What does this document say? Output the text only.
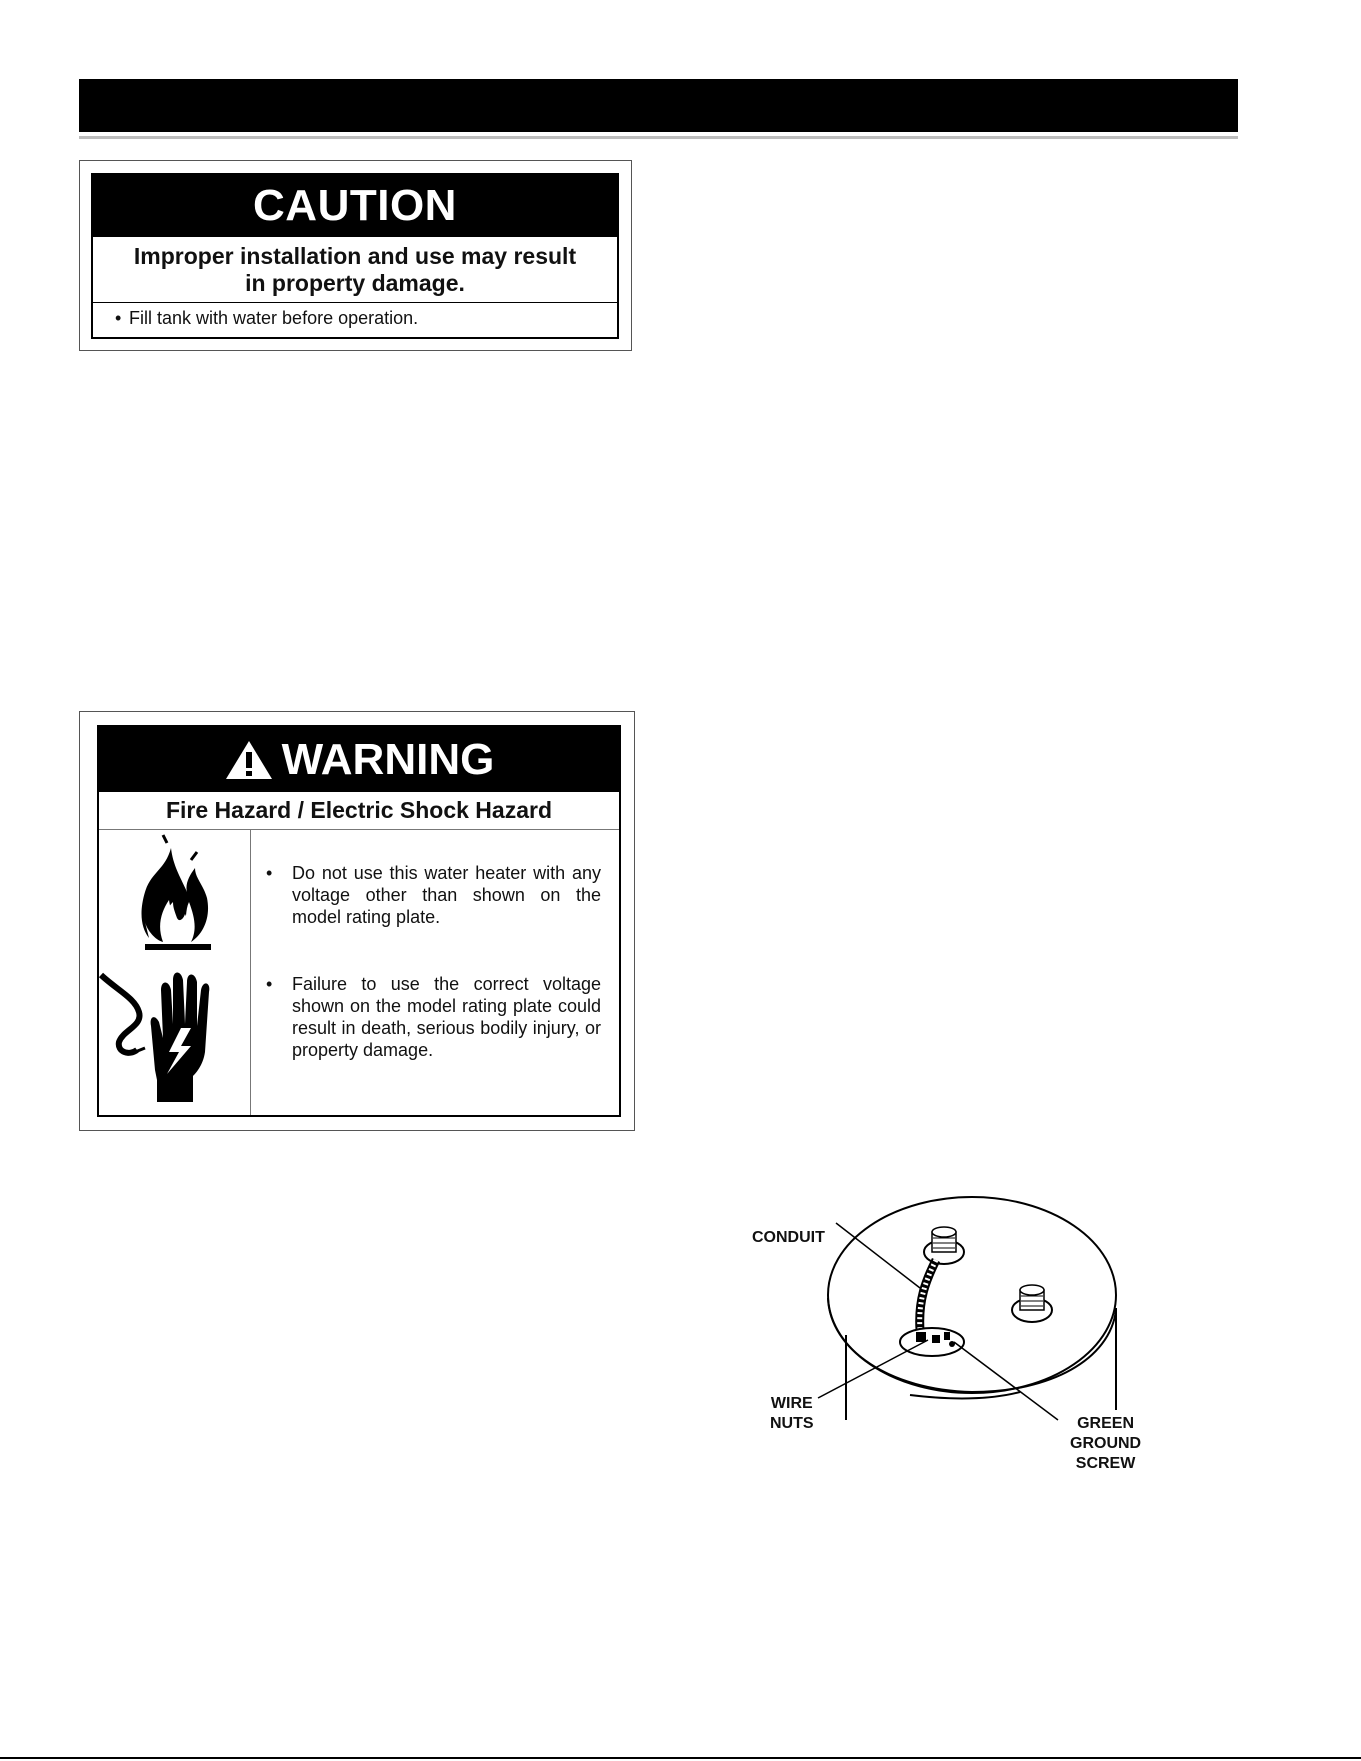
CAUTION
Improper installation and use may result
in property damage.
• Fill tank with water before operation.
WARNING
Fire Hazard / Electric Shock Hazard
• Do not use this water heater with any voltage other than shown on the model rating plate.
• Failure to use the correct voltage shown on the model rating plate could result in death, serious bodily injury, or property damage.
CONDUIT
WIRE
NUTS	GREEN
GROUND
SCREW
